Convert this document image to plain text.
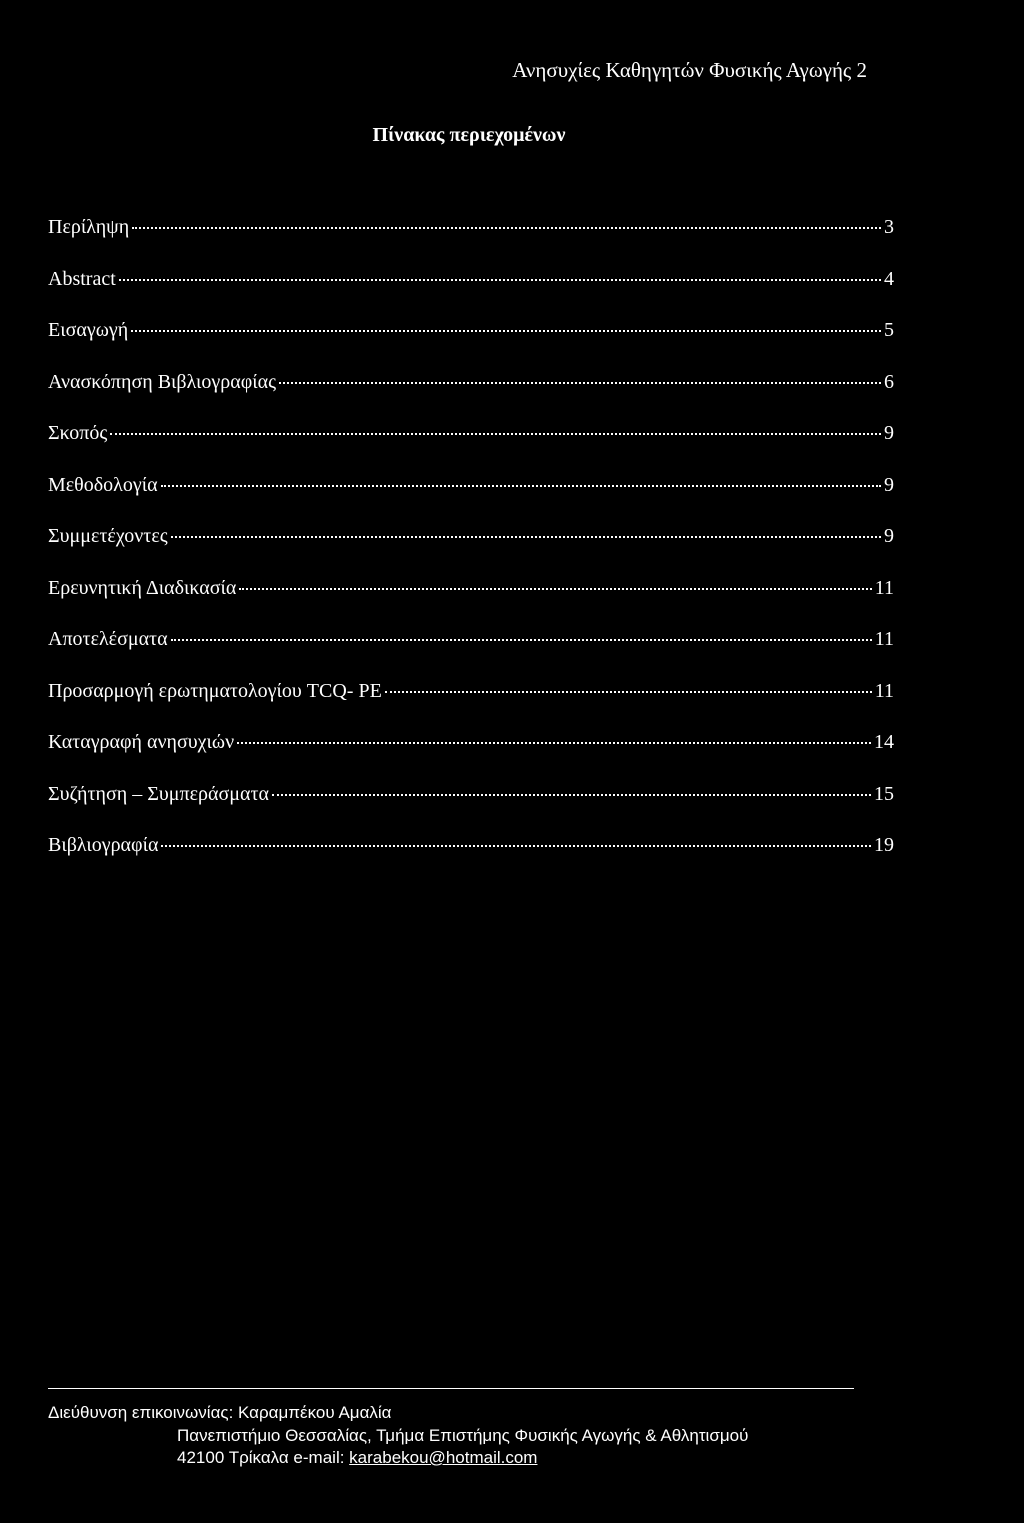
Ανησυχίες Καθηγητών Φυσικής Αγωγής 2
Πίνακας περιεχομένων
Περίληψη	3
Abstract	4
Εισαγωγή	5
Ανασκόπηση Βιβλιογραφίας	6
Σκοπός	9
Μεθοδολογία	9
Συμμετέχοντες	9
Ερευνητική Διαδικασία	11
Αποτελέσματα	11
Προσαρμογή ερωτηματολογίου TCQ- PE	11
Καταγραφή ανησυχιών	14
Συζήτηση – Συμπεράσματα	15
Βιβλιογραφία	19
Διεύθυνση επικοινωνίας: Καραμπέκου Αμαλία
Πανεπιστήμιο Θεσσαλίας, Τμήμα Επιστήμης Φυσικής Αγωγής & Αθλητισμού
42100 Τρίκαλα e-mail: karabekou@hotmail.com
